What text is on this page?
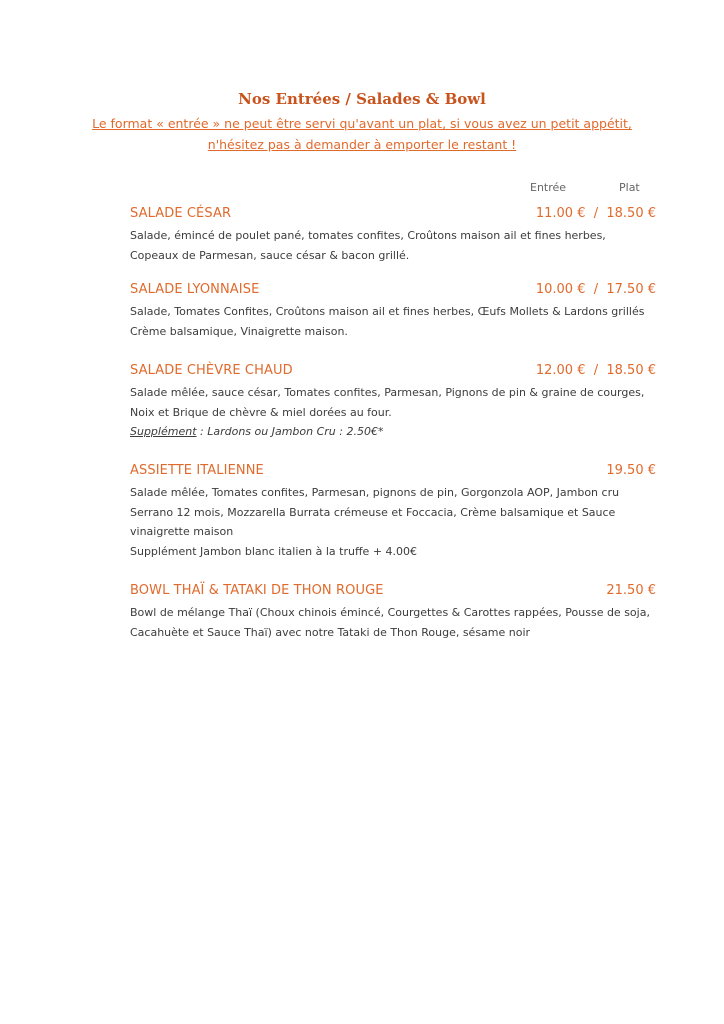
Nos Entrées / Salades & Bowl

Le format « entrée » ne peut être servi qu'avant un plat, si vous avez un petit appétit,

n'hésitez pas à demander à emporter le restant !

Entrée	Plat
SALADE CÉSAR	11.00 €  /  18.50 €

Salade, émincé de poulet pané, tomates confites, Croûtons maison ail et fines herbes,
Copeaux de Parmesan, sauce césar & bacon grillé.

SALADE LYONNAISE	10.00 €  /  17.50 €

Salade, Tomates Confites, Croûtons maison ail et fines herbes, Œufs Mollets & Lardons grillés
Crème balsamique, Vinaigrette maison.

SALADE CHÈVRE CHAUD	12.00 €  /  18.50 €

Salade mêlée, sauce césar, Tomates confites, Parmesan, Pignons de pin & graine de courges,
Noix et Brique de chèvre & miel dorées au four.
Supplément : Lardons ou Jambon Cru : 2.50€*

ASSIETTE ITALIENNE	19.50 €

Salade mêlée, Tomates confites, Parmesan, pignons de pin, Gorgonzola AOP, Jambon cru
Serrano 12 mois, Mozzarella Burrata crémeuse et Foccacia, Crème balsamique et Sauce
vinaigrette maison
Supplément Jambon blanc italien à la truffe + 4.00€

BOWL THAÏ & TATAKI DE THON ROUGE	21.50 €

Bowl de mélange Thaï (Choux chinois émincé, Courgettes & Carottes rappées, Pousse de soja,
Cacahuète et Sauce Thaï) avec notre Tataki de Thon Rouge, sésame noir
